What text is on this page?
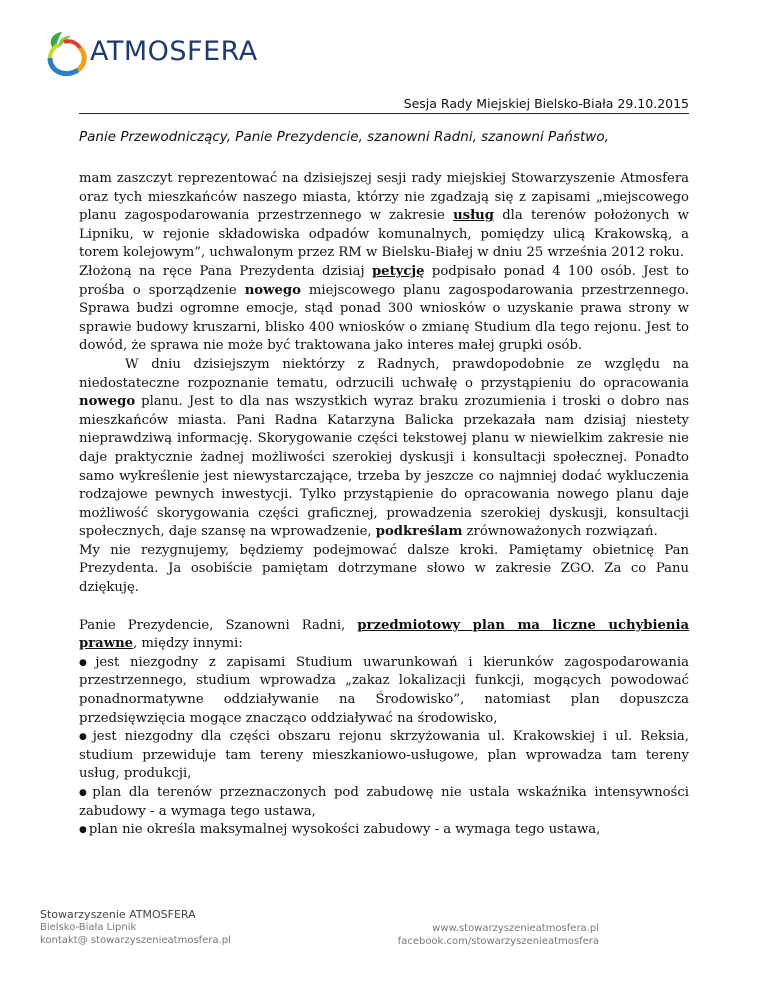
ATMOSFERA
Sesja Rady Miejskiej Bielsko-Biała 29.10.2015
Panie Przewodniczący, Panie Prezydencie, szanowni Radni, szanowni Państwo,

mam zaszczyt reprezentować na dzisiejszej sesji rady miejskiej Stowarzyszenie Atmosfera oraz tych mieszkańców naszego miasta, którzy nie zgadzają się z zapisami „miejscowego planu zagospodarowania przestrzennego w zakresie usług dla terenów położonych w Lipniku, w rejonie składowiska odpadów komunalnych, pomiędzy ulicą Krakowską, a torem kolejowym”, uchwalonym przez RM w Bielsku-Białej w dniu 25 września 2012 roku.

Złożoną na ręce Pana Prezydenta dzisiaj petycję podpisało ponad 4 100 osób. Jest to prośba o sporządzenie nowego miejscowego planu zagospodarowania przestrzennego. Sprawa budzi ogromne emocje, stąd ponad 300 wniosków o uzyskanie prawa strony w sprawie budowy kruszarni, blisko 400 wniosków o zmianę Studium dla tego rejonu. Jest to dowód, że sprawa nie może być traktowana jako interes małej grupki osób.

W dniu dzisiejszym niektórzy z Radnych, prawdopodobnie ze względu na niedostateczne rozpoznanie tematu, odrzucili uchwałę o przystąpieniu do opracowania nowego planu. Jest to dla nas wszystkich wyraz braku zrozumienia i troski o dobro nas mieszkańców miasta. Pani Radna Katarzyna Balicka przekazała nam dzisiaj niestety nieprawdziwą informację. Skorygowanie części tekstowej planu w niewielkim zakresie nie daje praktycznie żadnej możliwości szerokiej dyskusji i konsultacji społecznej. Ponadto samo wykreślenie jest niewystarczające, trzeba by jeszcze co najmniej dodać wykluczenia rodzajowe pewnych inwestycji. Tylko przystąpienie do opracowania nowego planu daje możliwość skorygowania części graficznej, prowadzenia szerokiej dyskusji, konsultacji społecznych, daje szansę na wprowadzenie, podkreślam zrównoważonych rozwiązań.

My nie rezygnujemy, będziemy podejmować dalsze kroki. Pamiętamy obietnicę Pan Prezydenta. Ja osobiście pamiętam dotrzymane słowo w zakresie ZGO. Za co Panu dziękuję.

Panie Prezydencie, Szanowni Radni, przedmiotowy plan ma liczne uchybienia prawne, między innymi:

● jest niezgodny z zapisami Studium uwarunkowań i kierunków zagospodarowania przestrzennego, studium wprowadza „zakaz lokalizacji funkcji, mogących powodować ponadnormatywne oddziaływanie na Środowisko”, natomiast plan dopuszcza przedsięwzięcia mogące znacząco oddziaływać na środowisko,

● jest niezgodny dla części obszaru rejonu skrzyżowania ul. Krakowskiej i ul. Reksia, studium przewiduje tam tereny mieszkaniowo-usługowe, plan wprowadza tam tereny usług, produkcji,

● plan dla terenów przeznaczonych pod zabudowę nie ustala wskaźnika intensywności zabudowy - a wymaga tego ustawa,

● plan nie określa maksymalnej wysokości zabudowy - a wymaga tego ustawa,

Stowarzyszenie ATMOSFERA
Bielsko-Biała Lipnik
kontakt@ stowarzyszenieatmosfera.pl
www.stowarzyszenieatmosfera.pl
facebook.com/stowarzyszenieatmosfera
